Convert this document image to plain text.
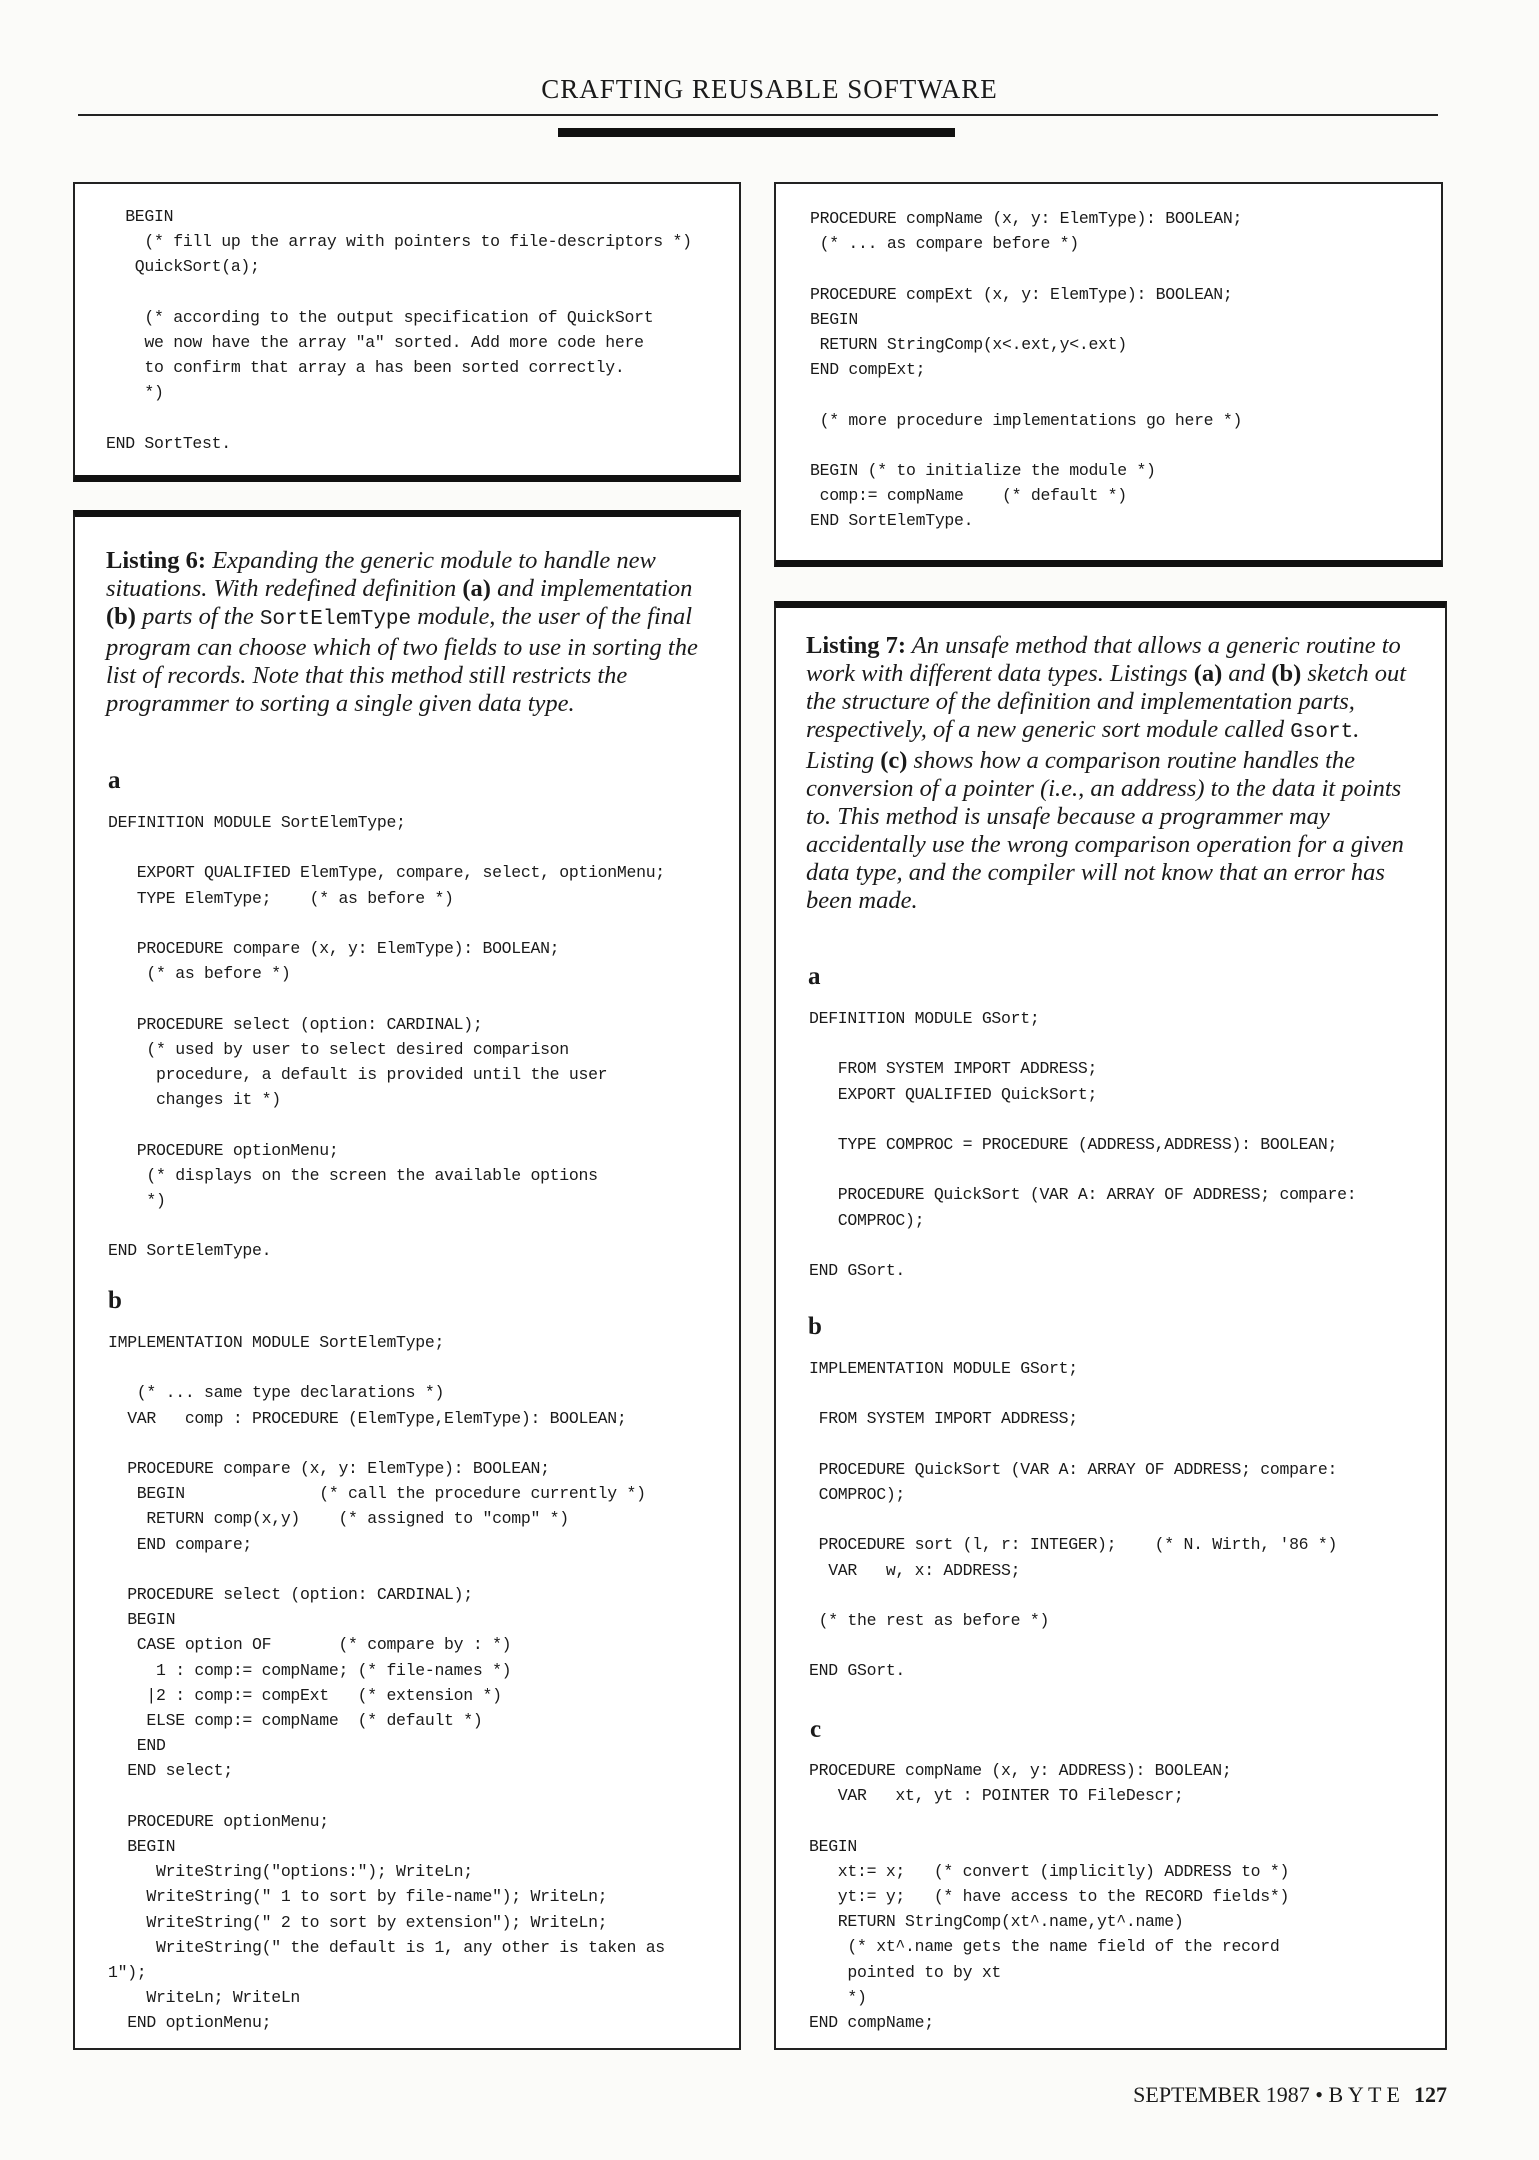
CRAFTING REUSABLE SOFTWARE
BEGIN
(* fill up the array with pointers to file-descriptors *)
QuickSort(a);

(* according to the output specification of QuickSort
we now have the array "a" sorted. Add more code here
to confirm that array a has been sorted correctly.
*)

END SortTest.
PROCEDURE compName (x, y: ElemType): BOOLEAN;
(* ... as compare before *)

PROCEDURE compExt (x, y: ElemType): BOOLEAN;
BEGIN
RETURN StringComp(x<.ext,y<.ext)
END compExt;

(* more procedure implementations go here *)

BEGIN (* to initialize the module *)
comp:= compName    (* default *)
END SortElemType.
Listing 6: Expanding the generic module to handle new situations. With redefined definition (a) and implementation (b) parts of the SortElemType module, the user of the final program can choose which of two fields to use in sorting the list of records. Note that this method still restricts the programmer to sorting a single given data type.
a
DEFINITION MODULE SortElemType;

EXPORT QUALIFIED ElemType, compare, select, optionMenu;
TYPE ElemType;    (* as before *)

PROCEDURE compare (x, y: ElemType): BOOLEAN;
(* as before *)

PROCEDURE select (option: CARDINAL);
(* used by user to select desired comparison
procedure, a default is provided until the user
changes it *)

PROCEDURE optionMenu;
(* displays on the screen the available options
*)

END SortElemType.
b
IMPLEMENTATION MODULE SortElemType;

(* ... same type declarations *)
VAR   comp : PROCEDURE (ElemType,ElemType): BOOLEAN;

PROCEDURE compare (x, y: ElemType): BOOLEAN;
BEGIN              (* call the procedure currently *)
RETURN comp(x,y)    (* assigned to "comp" *)
END compare;

PROCEDURE select (option: CARDINAL);
BEGIN
CASE option OF       (* compare by : *)
1 : comp:= compName; (* file-names *)
|2 : comp:= compExt   (* extension *)
ELSE comp:= compName  (* default *)
END
END select;

PROCEDURE optionMenu;
BEGIN
WriteString("options:"); WriteLn;
WriteString(" 1 to sort by file-name"); WriteLn;
WriteString(" 2 to sort by extension"); WriteLn;
WriteString(" the default is 1, any other is taken as
1");
WriteLn; WriteLn
END optionMenu;
Listing 7: An unsafe method that allows a generic routine to work with different data types. Listings (a) and (b) sketch out the structure of the definition and implementation parts, respectively, of a new generic sort module called Gsort. Listing (c) shows how a comparison routine handles the conversion of a pointer (i.e., an address) to the data it points to. This method is unsafe because a programmer may accidentally use the wrong comparison operation for a given data type, and the compiler will not know that an error has been made.
a
DEFINITION MODULE GSort;

FROM SYSTEM IMPORT ADDRESS;
EXPORT QUALIFIED QuickSort;

TYPE COMPROC = PROCEDURE (ADDRESS,ADDRESS): BOOLEAN;

PROCEDURE QuickSort (VAR A: ARRAY OF ADDRESS; compare:
COMPROC);

END GSort.
b
IMPLEMENTATION MODULE GSort;

FROM SYSTEM IMPORT ADDRESS;

PROCEDURE QuickSort (VAR A: ARRAY OF ADDRESS; compare:
COMPROC);

PROCEDURE sort (l, r: INTEGER);    (* N. Wirth, '86 *)
VAR   w, x: ADDRESS;

(* the rest as before *)

END GSort.
c
PROCEDURE compName (x, y: ADDRESS): BOOLEAN;
VAR   xt, yt : POINTER TO FileDescr;

BEGIN
xt:= x;   (* convert (implicitly) ADDRESS to *)
yt:= y;   (* have access to the RECORD fields*)
RETURN StringComp(xt^.name,yt^.name)
(* xt^.name gets the name field of the record
pointed to by xt
*)
END compName;
SEPTEMBER 1987 • B Y T E 127
